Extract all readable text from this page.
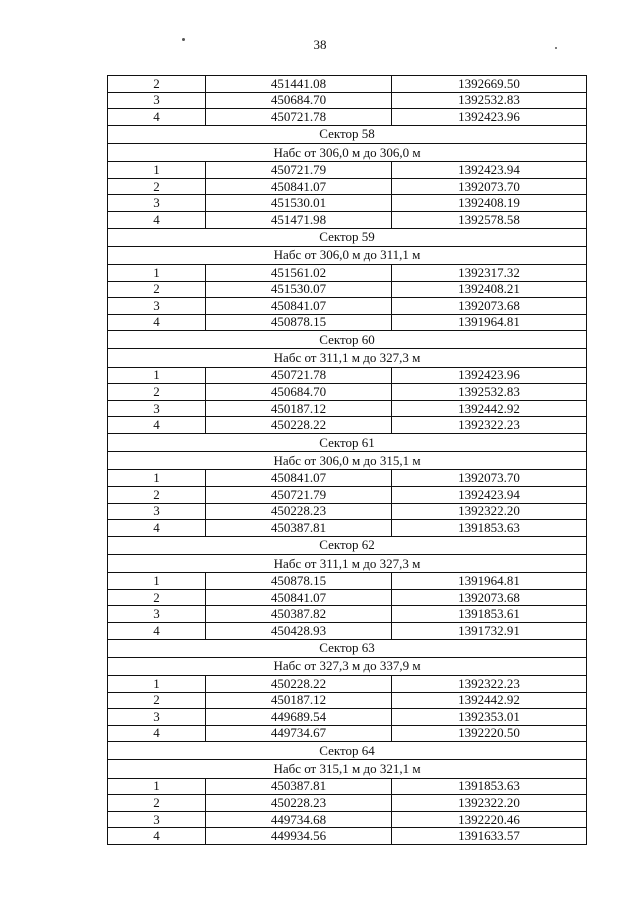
38
2	451441.08	1392669.50
3	450684.70	1392532.83
4	450721.78	1392423.96
Сектор 58		
Набс от 306,0 м до 306,0 м		
1	450721.79	1392423.94
2	450841.07	1392073.70
3	451530.01	1392408.19
4	451471.98	1392578.58
Сектор 59		
Набс от 306,0 м до 311,1 м		
1	451561.02	1392317.32
2	451530.07	1392408.21
3	450841.07	1392073.68
4	450878.15	1391964.81
Сектор 60		
Набс от 311,1 м до 327,3 м		
1	450721.78	1392423.96
2	450684.70	1392532.83
3	450187.12	1392442.92
4	450228.22	1392322.23
Сектор 61		
Набс от 306,0 м до 315,1 м		
1	450841.07	1392073.70
2	450721.79	1392423.94
3	450228.23	1392322.20
4	450387.81	1391853.63
Сектор 62		
Набс от 311,1 м до 327,3 м		
1	450878.15	1391964.81
2	450841.07	1392073.68
3	450387.82	1391853.61
4	450428.93	1391732.91
Сектор 63		
Набс от 327,3 м до 337,9 м		
1	450228.22	1392322.23
2	450187.12	1392442.92
3	449689.54	1392353.01
4	449734.67	1392220.50
Сектор 64		
Набс от 315,1 м до 321,1 м		
1	450387.81	1391853.63
2	450228.23	1392322.20
3	449734.68	1392220.46
4	449934.56	1391633.57
